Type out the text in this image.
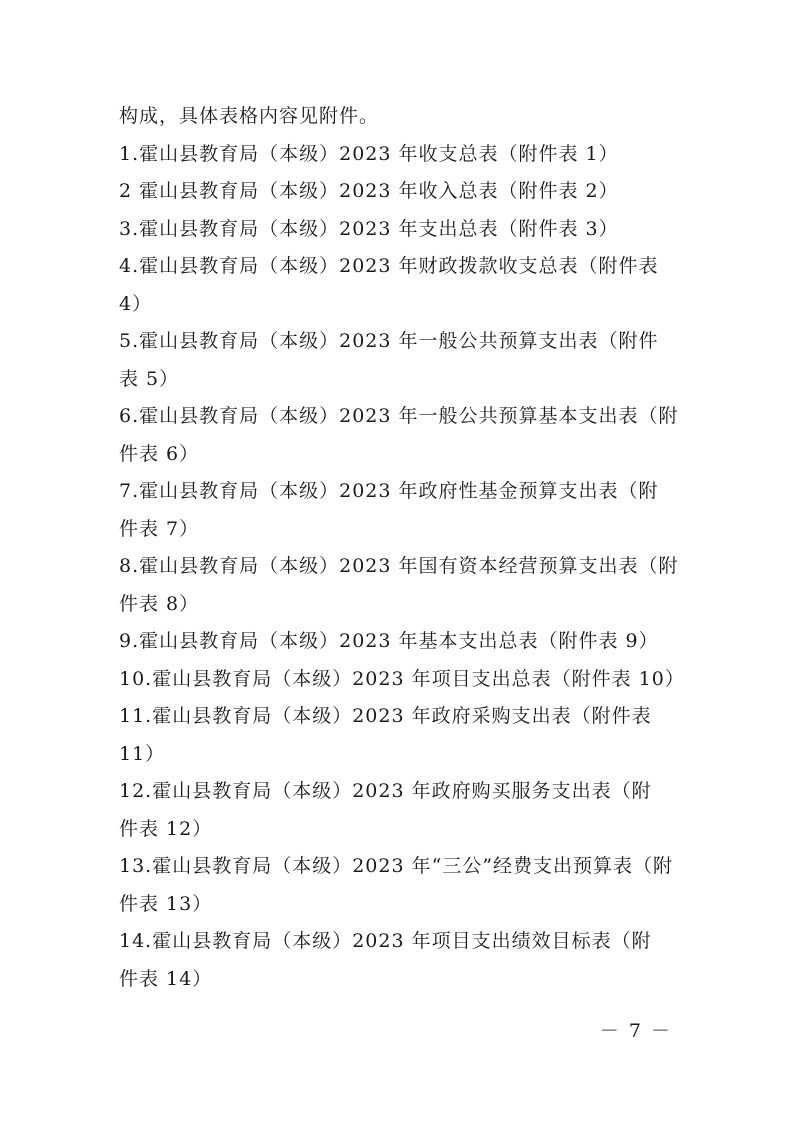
构成，具体表格内容见附件。
1.霍山县教育局（本级）2023 年收支总表（附件表 1）
2 霍山县教育局（本级）2023 年收入总表（附件表 2）
3.霍山县教育局（本级）2023 年支出总表（附件表 3）
4.霍山县教育局（本级）2023 年财政拨款收支总表（附件表
4）
5.霍山县教育局（本级）2023 年一般公共预算支出表（附件
表 5）
6.霍山县教育局（本级）2023 年一般公共预算基本支出表（附
件表 6）
7.霍山县教育局（本级）2023 年政府性基金预算支出表（附
件表 7）
8.霍山县教育局（本级）2023 年国有资本经营预算支出表（附
件表 8）
9.霍山县教育局（本级）2023 年基本支出总表（附件表 9）
10.霍山县教育局（本级）2023 年项目支出总表（附件表 10）
11.霍山县教育局（本级）2023 年政府采购支出表（附件表
11）
12.霍山县教育局（本级）2023 年政府购买服务支出表（附
件表 12）
13.霍山县教育局（本级）2023 年“三公”经费支出预算表（附
件表 13）
14.霍山县教育局（本级）2023 年项目支出绩效目标表（附
件表 14）
－ 7 －
